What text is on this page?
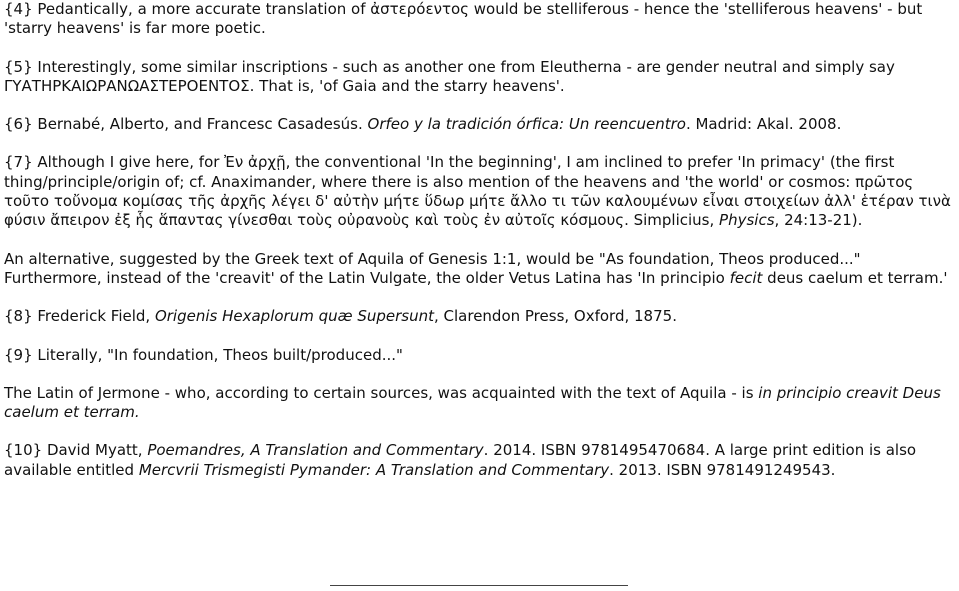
{4} Pedantically, a more accurate translation of ἀστερόεντος would be stelliferous - hence the 'stelliferous heavens' - but 'starry heavens' is far more poetic.

{5} Interestingly, some similar inscriptions - such as another one from Eleutherna - are gender neutral and simply say ΓΥΑΤΗΡΚΑΙΩΡΑΝΩΑΣΤΕΡΟΕΝΤΟΣ. That is, 'of Gaia and the starry heavens'.

{6} Bernabé, Alberto, and Francesc Casadesús. Orfeo y la tradición órfica: Un reencuentro. Madrid: Akal. 2008.

{7} Although I give here, for Ἐν ἀρχῇ, the conventional 'In the beginning', I am inclined to prefer 'In primacy' (the first thing/principle/origin of; cf. Anaximander, where there is also mention of the heavens and 'the world' or cosmos: πρῶτος τοῦτο τοὔνομα κομίσας τῆς ἀρχῆς λέγει δ' αὐτὴν μήτε ὕδωρ μήτε ἄλλο τι τῶν καλουμένων εἶναι στοιχείων ἀλλ' ἑτέραν τινὰ φύσιν ἄπειρον ἐξ ἧς ἅπαντας γίνεσθαι τοὺς οὐρανοὺς καὶ τοὺς ἐν αὐτοῖς κόσμους. Simplicius, Physics, 24:13-21).

An alternative, suggested by the Greek text of Aquila of Genesis 1:1, would be "As foundation, Theos produced..." Furthermore, instead of the 'creavit' of the Latin Vulgate, the older Vetus Latina has 'In principio fecit deus caelum et terram.'

{8} Frederick Field, Origenis Hexaplorum quæ Supersunt, Clarendon Press, Oxford, 1875.

{9} Literally, "In foundation, Theos built/produced..."

The Latin of Jermone - who, according to certain sources, was acquainted with the text of Aquila - is in principio creavit Deus caelum et terram.

{10} David Myatt, Poemandres, A Translation and Commentary. 2014. ISBN 9781495470684. A large print edition is also available entitled Mercvrii Trismegisti Pymander: A Translation and Commentary. 2013. ISBN 9781491249543.
